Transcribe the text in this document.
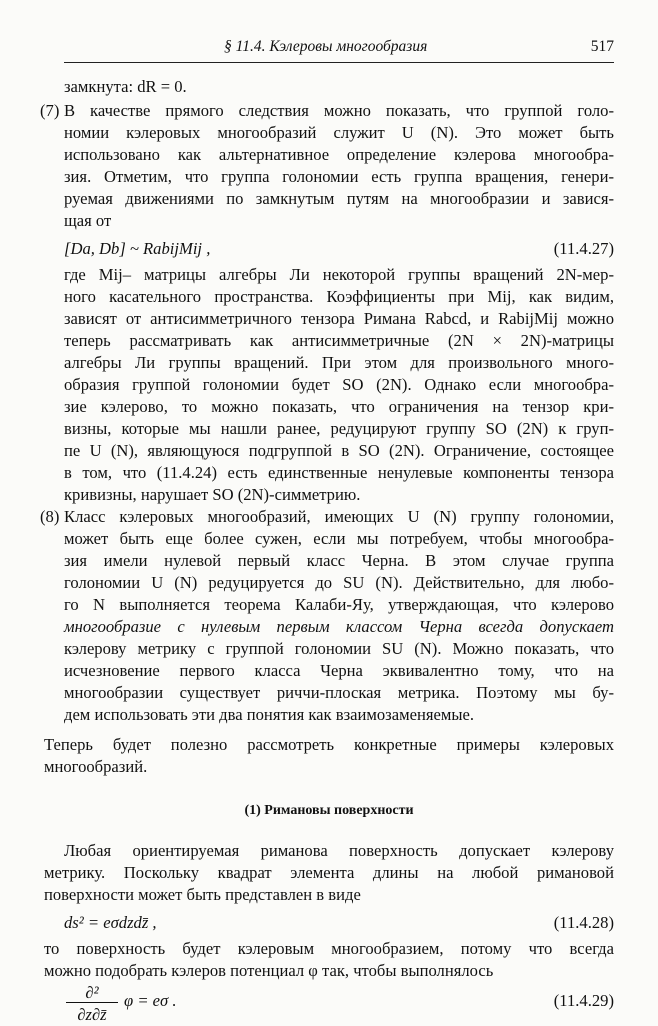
§ 11.4. Кэлеровы многообразия	517
замкнута: dR = 0.
(7) В качестве прямого следствия можно показать, что группой голо-
номии кэлеровых многообразий служит U (N). Это может быть
использовано как альтернативное определение кэлерова многообра-
зия. Отметим, что группа голономии есть группа вращения, генери-
руемая движениями по замкнутым путям на многообразии и завися-
щая от
[Da, Db] ~ RabijMij ,	(11.4.27)
где Mij– матрицы алгебры Ли некоторой группы вращений 2N-мер-
ного касательного пространства. Коэффициенты при Mij, как видим,
зависят от антисимметричного тензора Римана Rabcd, и RabijMij можно
теперь рассматривать как антисимметричные (2N × 2N)-матрицы
алгебры Ли группы вращений. При этом для произвольного много-
образия группой голономии будет SO (2N). Однако если многообра-
зие кэлерово, то можно показать, что ограничения на тензор кри-
визны, которые мы нашли ранее, редуцируют группу SO (2N) к груп-
пе U (N), являющуюся подгруппой в SO (2N). Ограничение, состоящее
в том, что (11.4.24) есть единственные ненулевые компоненты тензора
кривизны, нарушает SO (2N)-симметрию.
(8) Класс кэлеровых многообразий, имеющих U (N) группу голономии,
может быть еще более сужен, если мы потребуем, чтобы многообра-
зия имели нулевой первый класс Черна. В этом случае группа
голономии U (N) редуцируется до SU (N). Действительно, для любо-
го N выполняется теорема Калаби-Яу, утверждающая, что кэлерово
многообразие с нулевым первым классом Черна всегда допускает
кэлерову метрику с группой голономии SU (N). Можно показать, что
исчезновение первого класса Черна эквивалентно тому, что на
многообразии существует риччи-плоская метрика. Поэтому мы бу-
дем использовать эти два понятия как взаимозаменяемые.
Теперь будет полезно рассмотреть конкретные примеры кэлеровых
многообразий.
(1) Римановы поверхности
Любая ориентируемая риманова поверхность допускает кэлерову
метрику. Поскольку квадрат элемента длины на любой римановой
поверхности может быть представлен в виде
ds² = eσdzdz̄ ,	(11.4.28)
то поверхность будет кэлеровым многообразием, потому что всегда
можно подобрать кэлеров потенциал φ так, чтобы выполнялось
∂²	φ = eσ .	(11.4.29)
∂z∂z̄
